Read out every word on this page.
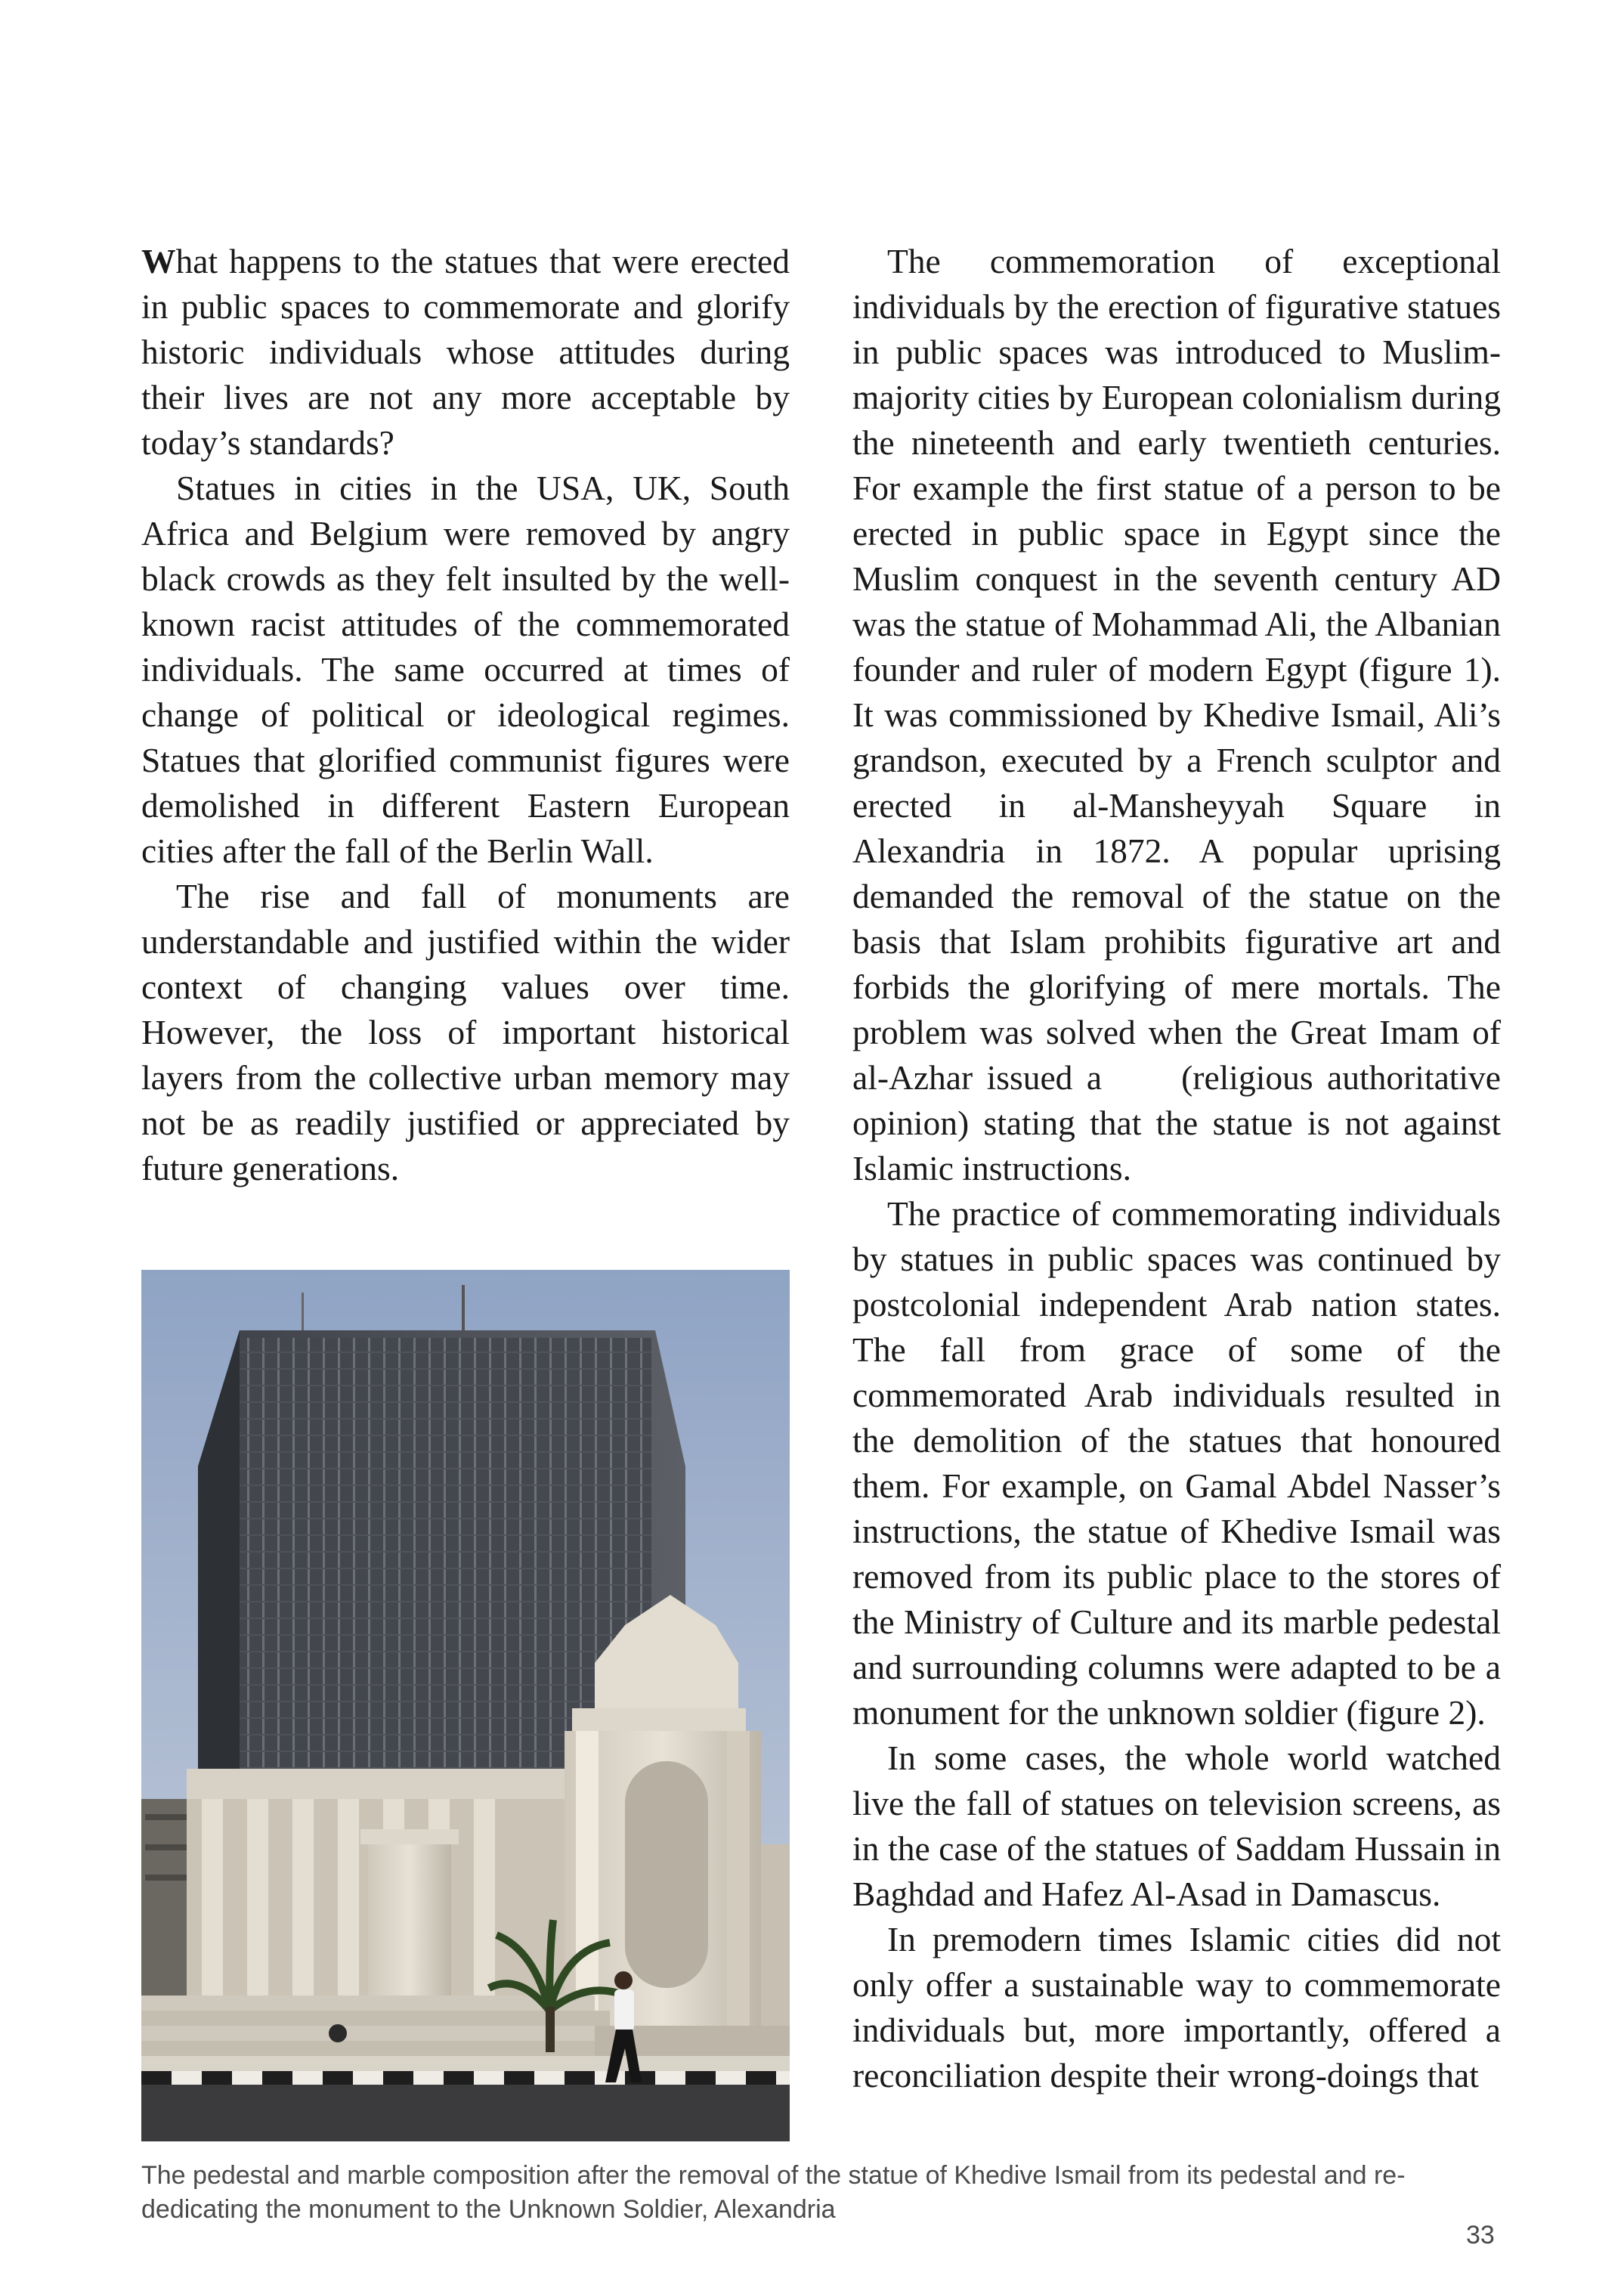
What happens to the statues that were erected in public spaces to commemorate and glorify historic individuals whose attitudes during their lives are not any more acceptable by today’s standards?

Statues in cities in the USA, UK, South Africa and Belgium were removed by angry black crowds as they felt insulted by the well-known racist attitudes of the commemorated individuals. The same occurred at times of change of political or ideological regimes. Statues that glorified communist figures were demolished in different Eastern European cities after the fall of the Berlin Wall.

The rise and fall of monuments are understandable and justified within the wider context of changing values over time. However, the loss of important historical layers from the collective urban memory may not be as readily justified or appreciated by future generations.

The commemoration of exceptional individuals by the erection of figurative statues in public spaces was introduced to Muslim-majority cities by European colonialism during the nineteenth and early twentieth centuries. For example the first statue of a person to be erected in public space in Egypt since the Muslim conquest in the seventh century AD was the statue of Mohammad Ali, the Albanian founder and ruler of modern Egypt (figure 1). It was commissioned by Khedive Ismail, Ali’s grandson, executed by a French sculptor and erected in al-Mansheyyah Square in Alexandria in 1872. A popular uprising demanded the removal of the statue on the basis that Islam prohibits figurative art and forbids the glorifying of mere mortals. The problem was solved when the Great Imam of al-Azhar issued a (religious authoritative opinion) stating that the statue is not against Islamic instructions.

The practice of commemorating individuals by statues in public spaces was continued by postcolonial independent Arab nation states. The fall from grace of some of the commemorated Arab individuals resulted in the demolition of the statues that honoured them. For example, on Gamal Abdel Nasser’s instructions, the statue of Khedive Ismail was removed from its public place to the stores of the Ministry of Culture and its marble pedestal and surrounding columns were adapted to be a monument for the unknown soldier (figure 2).

In some cases, the whole world watched live the fall of statues on television screens, as in the case of the statues of Saddam Hussain in Baghdad and Hafez Al-Asad in Damascus.

In premodern times Islamic cities did not only offer a sustainable way to commemorate individuals but, more importantly, offered a reconciliation despite their wrong-doings that

The pedestal and marble composition after the removal of the statue of Khedive Ismail from its pedestal and re-dedicating the monument to the Unknown Soldier, Alexandria
33
